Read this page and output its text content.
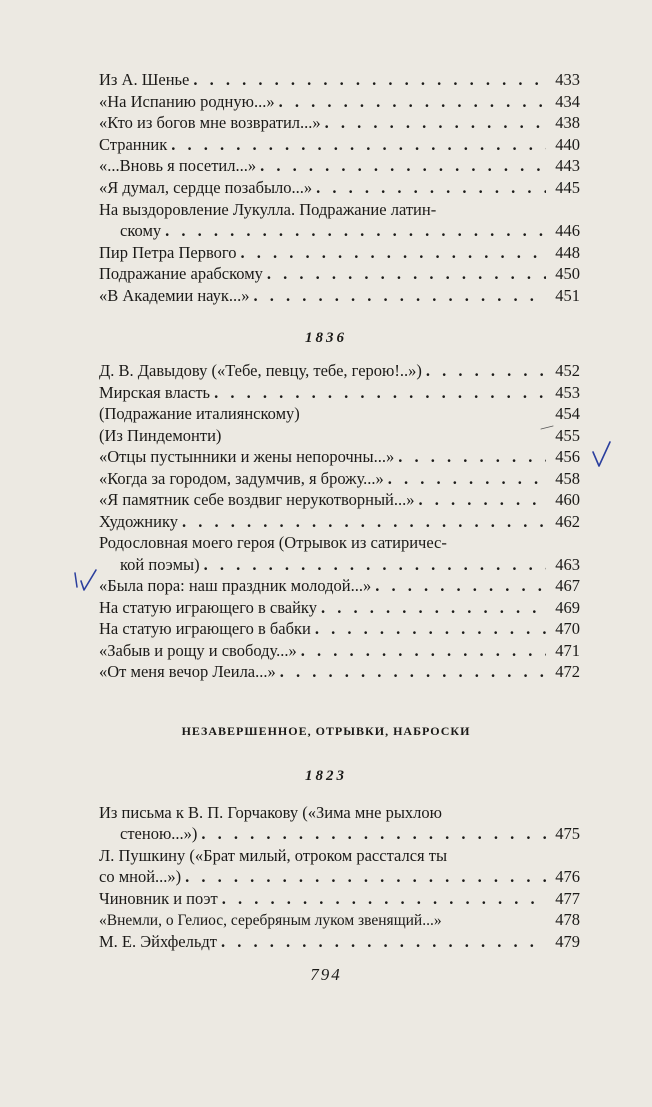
Из А. Шенье . . .	433
«На Испанию родную...» . . .	434
«Кто из богов мне возвратил...» . . .	438
Странник . . .	440
«...Вновь я посетил...» . . .	443
«Я думал, сердце позабыло...» . . .	445
На выздоровление Лукулла. Подражание латин-
скому . . .	446
Пир Петра Первого . . .	448
Подражание арабскому . . .	450
«В Академии наук...» . . .	451
1836
Д. В. Давыдову («Тебе, певцу, тебе, герою!..») . . .	452
Мирская власть . . .	453
(Подражание италиянскому)	454
(Из Пиндемонти)	455
«Отцы пустынники и жены непорочны...» . . .	456
«Когда за городом, задумчив, я брожу...» . . .	458
«Я памятник себе воздвиг нерукотворный...» . . .	460
Художнику . . .	462
Родословная моего героя (Отрывок из сатиричес-
кой поэмы) . . .	463
«Была пора: наш праздник молодой...» . . .	467
На статую играющего в свайку . . .	469
На статую играющего в бабки . . .	470
«Забыв и рощу и свободу...» . . .	471
«От меня вечор Леила...» . . .	472
НЕЗАВЕРШЕННОЕ, ОТРЫВКИ, НАБРОСКИ
1823
Из письма к В. П. Горчакову («Зима мне рыхлою
стеною...») . . .	475
Л. Пушкину («Брат милый, отроком расстался ты
со мной...») . . .	476
Чиновник и поэт . . .	477
«Внемли, о Гелиос, серебряным луком звенящий...»	478
М. Е. Эйхфельдт . . .	479
794
